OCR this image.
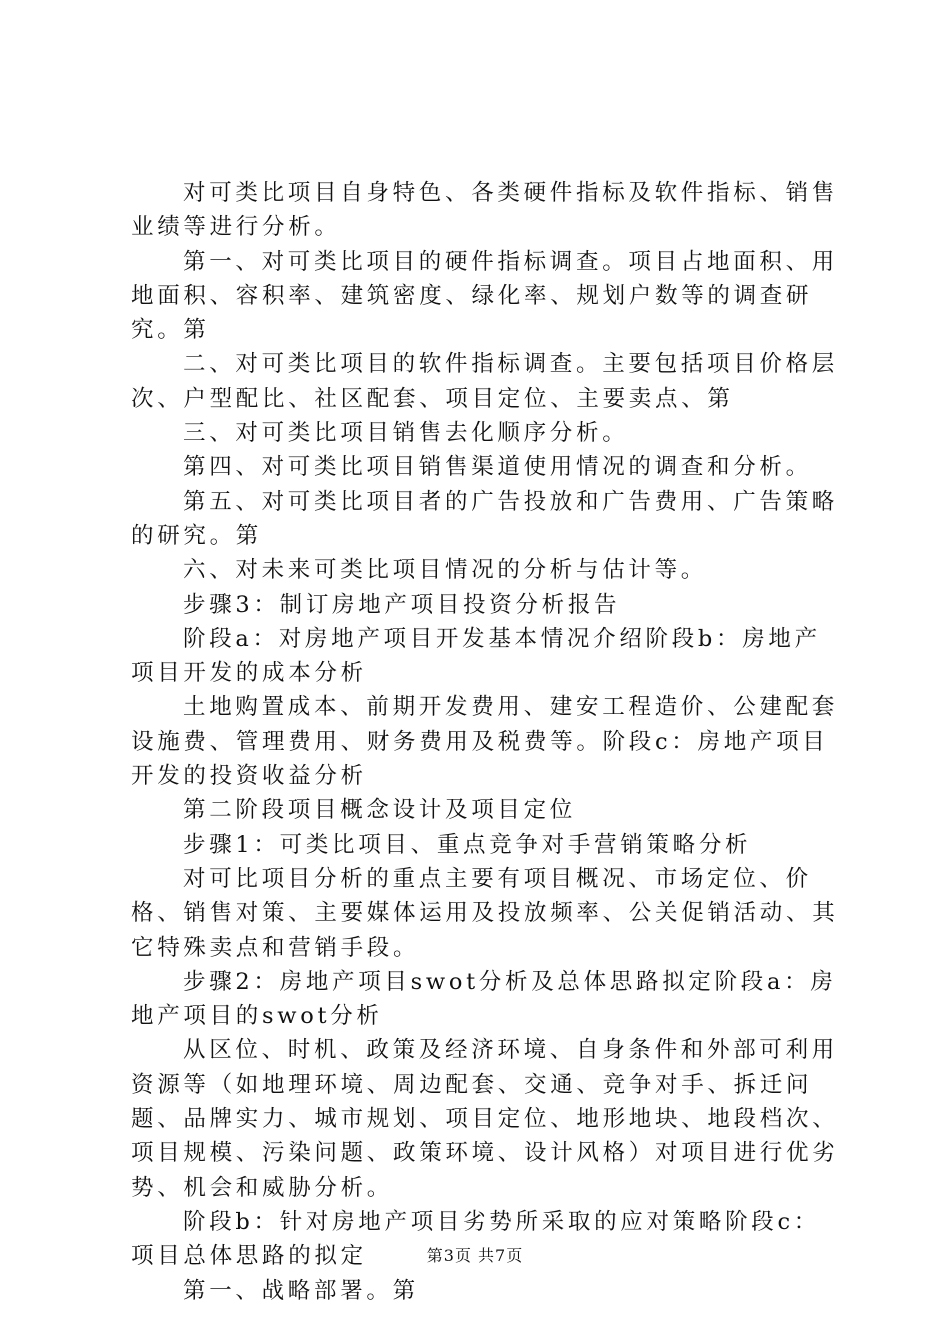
对可类比项目自身特色、各类硬件指标及软件指标、销售业绩等进行分析。

第一、对可类比项目的硬件指标调查。项目占地面积、用地面积、容积率、建筑密度、绿化率、规划户数等的调查研究。第

二、对可类比项目的软件指标调查。主要包括项目价格层次、户型配比、社区配套、项目定位、主要卖点、第

三、对可类比项目销售去化顺序分析。

第四、对可类比项目销售渠道使用情况的调查和分析。

第五、对可类比项目者的广告投放和广告费用、广告策略的研究。第

六、对未来可类比项目情况的分析与估计等。

步骤3：制订房地产项目投资分析报告

阶段a：对房地产项目开发基本情况介绍阶段b：房地产项目开发的成本分析

土地购置成本、前期开发费用、建安工程造价、公建配套设施费、管理费用、财务费用及税费等。阶段c：房地产项目开发的投资收益分析

第二阶段项目概念设计及项目定位

步骤1：可类比项目、重点竞争对手营销策略分析

对可比项目分析的重点主要有项目概况、市场定位、价格、销售对策、主要媒体运用及投放频率、公关促销活动、其它特殊卖点和营销手段。

步骤2：房地产项目swot分析及总体思路拟定阶段a：房地产项目的swot分析

从区位、时机、政策及经济环境、自身条件和外部可利用资源等（如地理环境、周边配套、交通、竞争对手、拆迁问题、品牌实力、城市规划、项目定位、地形地块、地段档次、项目规模、污染问题、政策环境、设计风格）对项目进行优劣势、机会和威胁分析。

阶段b：针对房地产项目劣势所采取的应对策略阶段c：项目总体思路的拟定

第一、战略部署。第

第3页 共7页
